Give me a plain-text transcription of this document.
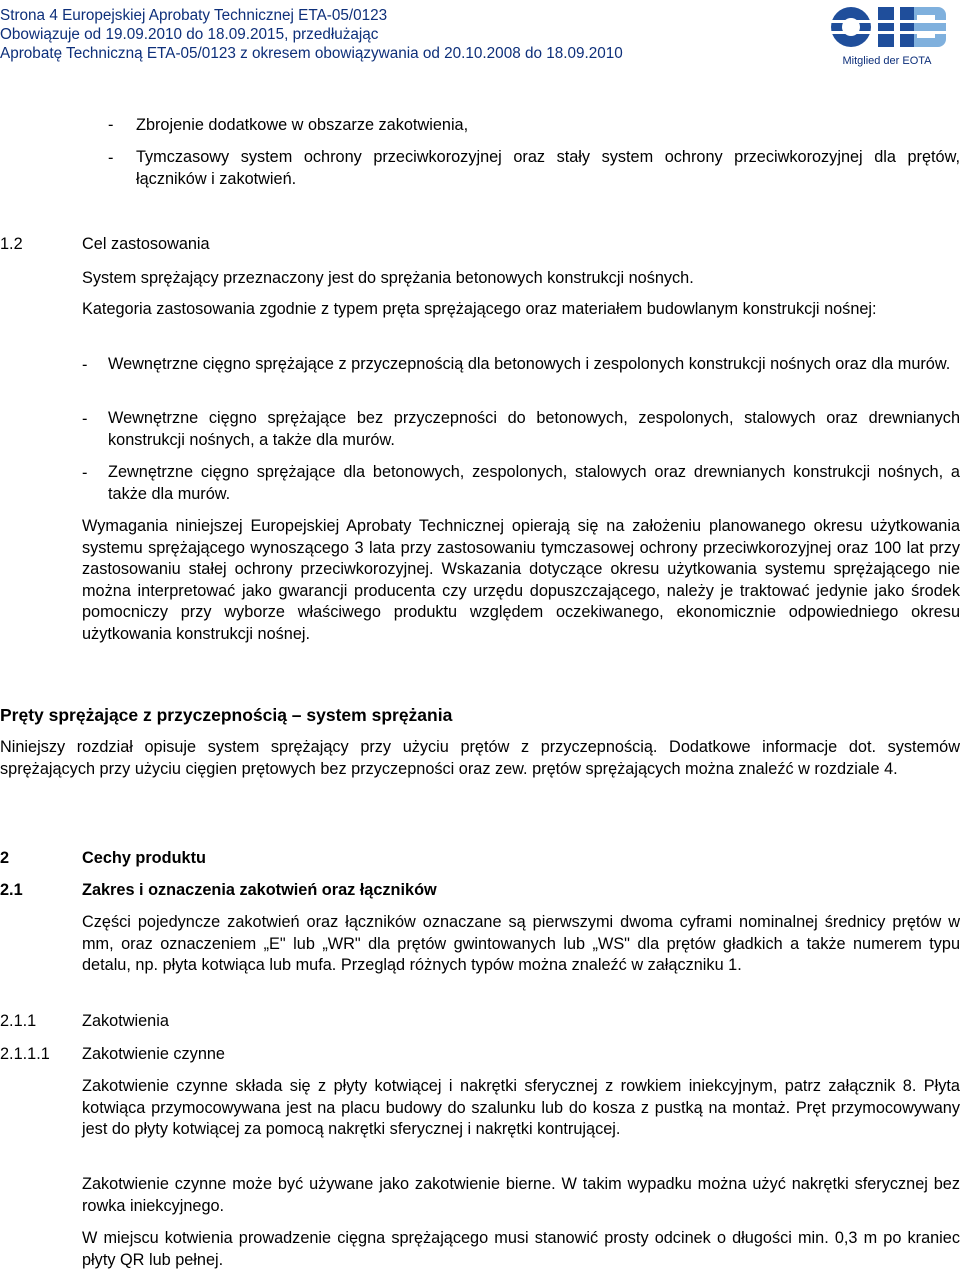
Strona 4 Europejskiej Aprobaty Technicznej ETA-05/0123
Obowiązuje od 19.09.2010 do 18.09.2015, przedłużając
Aprobatę Techniczną ETA-05/0123 z okresem obowiązywania od 20.10.2008 do 18.09.2010	Mitglied der EOTA
- Zbrojenie dodatkowe w obszarze zakotwienia,
- Tymczasowy system ochrony przeciwkorozyjnej oraz stały system ochrony przeciwkorozyjnej dla prętów, łączników i zakotwień.
1.2	Cel zastosowania
System sprężający przeznaczony jest do sprężania betonowych konstrukcji nośnych.
Kategoria zastosowania zgodnie z typem pręta sprężającego oraz materiałem budowlanym konstrukcji nośnej:
- Wewnętrzne cięgno sprężające z przyczepnością dla betonowych i zespolonych konstrukcji nośnych oraz dla murów.
- Wewnętrzne cięgno sprężające bez przyczepności do betonowych, zespolonych, stalowych oraz drewnianych konstrukcji nośnych, a także dla murów.
- Zewnętrzne cięgno sprężające dla betonowych, zespolonych, stalowych oraz drewnianych konstrukcji nośnych, a także dla murów.
Wymagania niniejszej Europejskiej Aprobaty Technicznej opierają się na założeniu planowanego okresu użytkowania systemu sprężającego wynoszącego 3 lata przy zastosowaniu tymczasowej ochrony przeciwkorozyjnej oraz 100 lat przy zastosowaniu stałej ochrony przeciwkorozyjnej. Wskazania dotyczące okresu użytkowania systemu sprężającego nie można interpretować jako gwarancji producenta czy urzędu dopuszczającego, należy je traktować jedynie jako środek pomocniczy przy wyborze właściwego produktu względem oczekiwanego, ekonomicznie odpowiedniego okresu użytkowania konstrukcji nośnej.
Pręty sprężające z przyczepnością – system sprężania
Niniejszy rozdział opisuje system sprężający przy użyciu prętów z przyczepnością. Dodatkowe informacje dot. systemów sprężających przy użyciu cięgien prętowych bez przyczepności oraz zew. prętów sprężających można znaleźć w rozdziale 4.
2	Cechy produktu
2.1	Zakres i oznaczenia zakotwień oraz łączników
Części pojedyncze zakotwień oraz łączników oznaczane są pierwszymi dwoma cyframi nominalnej średnicy prętów w mm, oraz oznaczeniem „E" lub „WR" dla prętów gwintowanych lub „WS" dla prętów gładkich a także numerem typu detalu, np. płyta kotwiąca lub mufa. Przegląd różnych typów można znaleźć w załączniku 1.
2.1.1	Zakotwienia
2.1.1.1 Zakotwienie czynne
Zakotwienie czynne składa się z płyty kotwiącej i nakrętki sferycznej z rowkiem iniekcyjnym, patrz załącznik 8. Płyta kotwiąca przymocowywana jest na placu budowy do szalunku lub do kosza z pustką na montaż. Pręt przymocowywany jest do płyty kotwiącej za pomocą nakrętki sferycznej i nakrętki kontrującej.
Zakotwienie czynne może być używane jako zakotwienie bierne. W takim wypadku można użyć nakrętki sferycznej bez rowka iniekcyjnego.
W miejscu kotwienia prowadzenie cięgna sprężającego musi stanowić prosty odcinek o długości min. 0,3 m po kraniec płyty QR lub pełnej.
